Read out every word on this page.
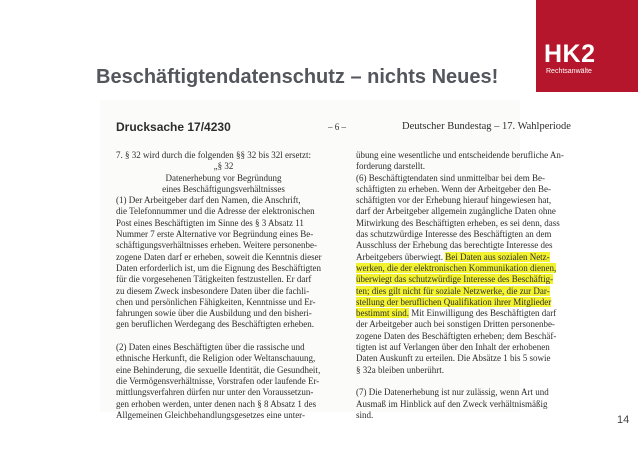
HK2
Rechtsanwälte
Beschäftigtendatenschutz – nichts Neues!
Drucksache 17/4230	– 6 –	Deutscher Bundestag – 17. Wahlperiode
7. § 32 wird durch die folgenden §§ 32 bis 32l ersetzt:
„§ 32
Datenerhebung vor Begründung
eines Beschäftigungsverhältnisses
(1) Der Arbeitgeber darf den Namen, die Anschrift,
die Telefonnummer und die Adresse der elektronischen
Post eines Beschäftigten im Sinne des § 3 Absatz 11
Nummer 7 erste Alternative vor Begründung eines Be-
schäftigungsverhältnisses erheben. Weitere personenbe-
zogene Daten darf er erheben, soweit die Kenntnis dieser
Daten erforderlich ist, um die Eignung des Beschäftigten
für die vorgesehenen Tätigkeiten festzustellen. Er darf
zu diesem Zweck insbesondere Daten über die fachli-
chen und persönlichen Fähigkeiten, Kenntnisse und Er-
fahrungen sowie über die Ausbildung und den bisheri-
gen beruflichen Werdegang des Beschäftigten erheben.

(2) Daten eines Beschäftigten über die rassische und
ethnische Herkunft, die Religion oder Weltanschauung,
eine Behinderung, die sexuelle Identität, die Gesundheit,
die Vermögensverhältnisse, Vorstrafen oder laufende Er-
mittlungsverfahren dürfen nur unter den Voraussetzun-
gen erhoben werden, unter denen nach § 8 Absatz 1 des
Allgemeinen Gleichbehandlungsgesetzes eine unter-
übung eine wesentliche und entscheidende berufliche An-
forderung darstellt.
(6) Beschäftigtendaten sind unmittelbar bei dem Be-
schäftigten zu erheben. Wenn der Arbeitgeber den Be-
schäftigten vor der Erhebung hierauf hingewiesen hat,
darf der Arbeitgeber allgemein zugängliche Daten ohne
Mitwirkung des Beschäftigten erheben, es sei denn, dass
das schutzwürdige Interesse des Beschäftigten an dem
Ausschluss der Erhebung das berechtigte Interesse des
Arbeitgebers überwiegt. Bei Daten aus sozialen Netz-
werken, die der elektronischen Kommunikation dienen,
überwiegt das schutzwürdige Interesse des Beschäftig-
ten; dies gilt nicht für soziale Netzwerke, die zur Dar-
stellung der beruflichen Qualifikation ihrer Mitglieder
bestimmt sind. Mit Einwilligung des Beschäftigten darf
der Arbeitgeber auch bei sonstigen Dritten personenbe-
zogene Daten des Beschäftigten erheben; dem Beschäf-
tigten ist auf Verlangen über den Inhalt der erhobenen
Daten Auskunft zu erteilen. Die Absätze 1 bis 5 sowie
§ 32a bleiben unberührt.

(7) Die Datenerhebung ist nur zulässig, wenn Art und
Ausmaß im Hinblick auf den Zweck verhältnismäßig
sind.	14
